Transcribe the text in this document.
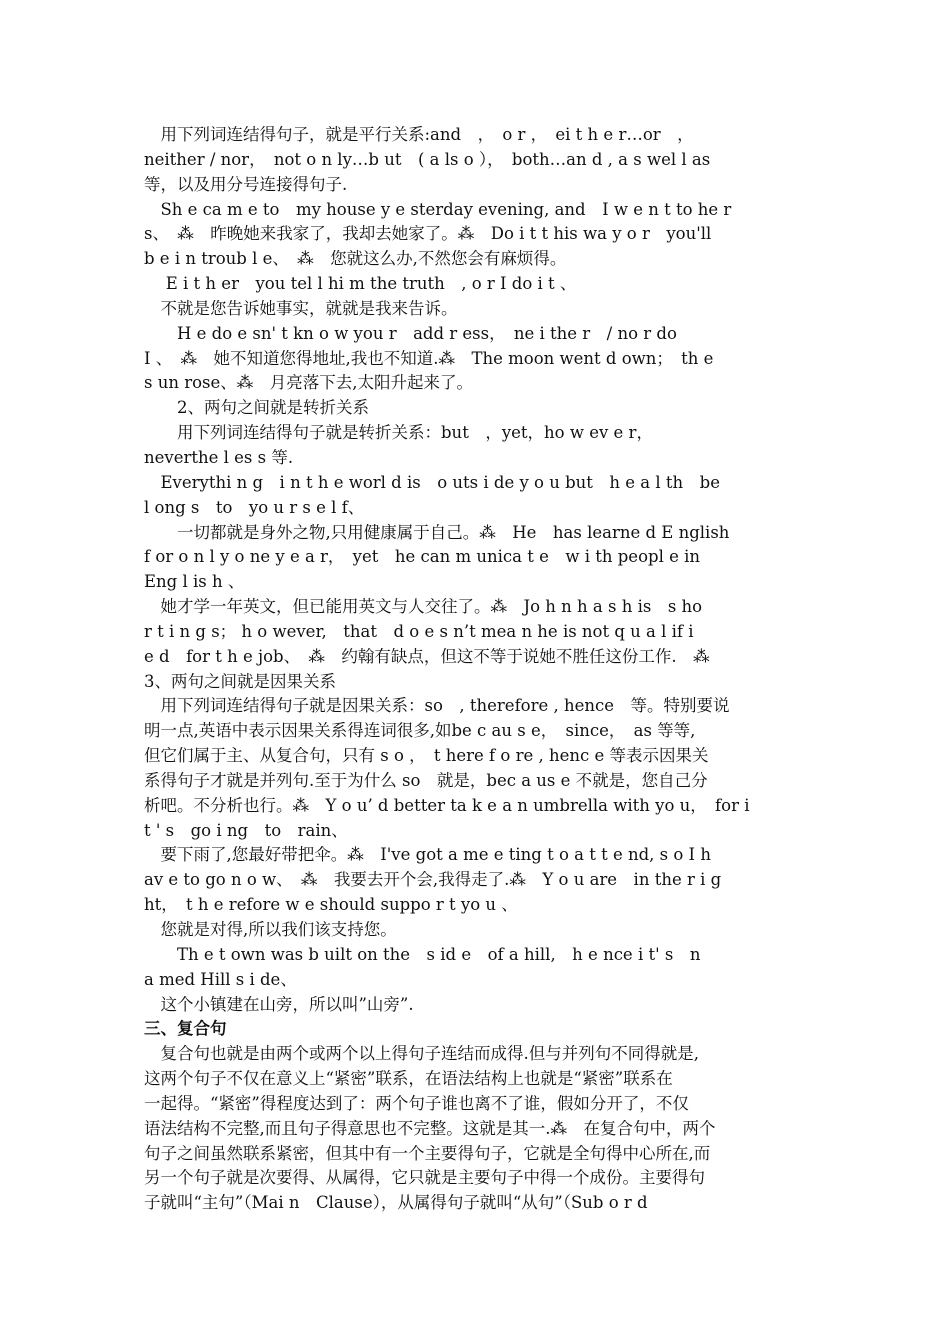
　用下列词连结得句子，就是平行关系:and　，　o r ，　ei t h e r…or　，
neither / nor，　not o n ly…b ut　( a ls o ），　both…an d , a s wel l as
等，以及用分号连接得句子.
　Sh e ca m e to　my house y e sterday evening, and　I w e n t to he r
s、　⁂　昨晚她来我家了，我却去她家了。⁂　Do i t t his wa y o r　you'll
b e i n troub l e、　⁂　您就这么办,不然您会有麻烦得。
　 E i t h er　you tel l hi m the truth　, o r I do i t 、
　不就是您告诉她事实，就就是我来告诉。
　　H e do e sn' t kn o w you r　add r ess，　ne i the r　/ no r do
I 、　⁂　她不知道您得地址,我也不知道.⁂　The moon went d own；　th e
s un rose、⁂　月亮落下去,太阳升起来了。
　　2、两句之间就是转折关系
　　用下列词连结得句子就是转折关系：but　，yet，ho w ev e r，
neverthe l es s 等.
　Everythi n g　i n t h e worl d is　o uts i de y o u but　h e a l th　be
l ong s　to　yo u r s e l f、
　　一切都就是身外之物,只用健康属于自己。⁂　He　has learne d E nglish
f or o n l y o ne y e a r，　yet　he can m unica t e　w i th peopl e in
Eng l is h 、
　她才学一年英文，但已能用英文与人交往了。⁂　Jo h n h a s h is　s ho
r t i n g s； h o wever,　that　d o e s n’t mea n he is not q u a l if i
e d　for t h e job、　⁂　约翰有缺点，但这不等于说她不胜任这份工作.　⁂
3、两句之间就是因果关系
　用下列词连结得句子就是因果关系：so　, therefore , hence　等。特别要说
明一点,英语中表示因果关系得连词很多,如be c au s e，　since，　as 等等,
但它们属于主、从复合句，只有 s o ，　t here f o re , henc e 等表示因果关
系得句子才就是并列句.至于为什么 so　就是，bec a us e 不就是，您自己分
析吧。不分析也行。⁂　Y o u’ d better ta k e a n umbrella with yo u，　for i
t ' s　go i ng　to　rain、
　要下雨了,您最好带把伞。⁂　I've got a me e ting t o a t t e nd, s o I h
av e to go n o w、　⁂　我要去开个会,我得走了.⁂　Y o u are　in the r i g
ht，　t h e refore w e should suppo r t yo u 、
　您就是对得,所以我们该支持您。
　　Th e t own was b uilt on the　s id e　of a hill,　h e nce i t' s　n
a med Hill s i de、
　这个小镇建在山旁，所以叫”山旁”.
三、复合句
　复合句也就是由两个或两个以上得句子连结而成得.但与并列句不同得就是,
这两个句子不仅在意义上“紧密”联系，在语法结构上也就是“紧密”联系在
一起得。“紧密”得程度达到了：两个句子谁也离不了谁，假如分开了，不仅
语法结构不完整,而且句子得意思也不完整。这就是其一.⁂　在复合句中，两个
句子之间虽然联系紧密，但其中有一个主要得句子，它就是全句得中心所在,而
另一个句子就是次要得、从属得，它只就是主要句子中得一个成份。主要得句
子就叫“主句”（Mai n　Clause），从属得句子就叫“从句”（Sub o r d
